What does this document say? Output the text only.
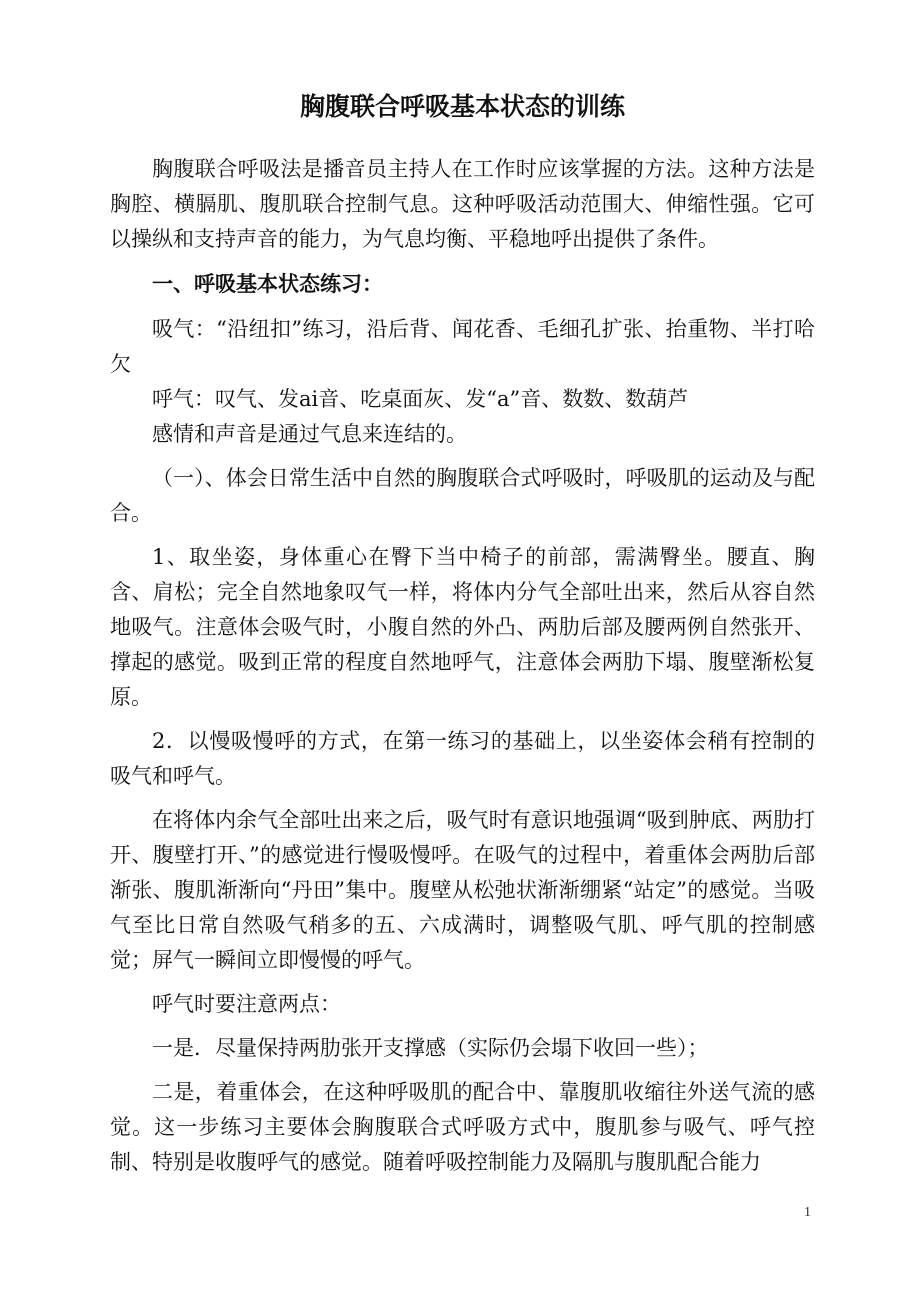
胸腹联合呼吸基本状态的训练

胸腹联合呼吸法是播音员主持人在工作时应该掌握的方法。这种方法是胸腔、横膈肌、腹肌联合控制气息。这种呼吸活动范围大、伸缩性强。它可以操纵和支持声音的能力，为气息均衡、平稳地呼出提供了条件。

一、呼吸基本状态练习：

吸气：“沿纽扣”练习，沿后背、闻花香、毛细孔扩张、抬重物、半打哈欠

呼气：叹气、发ai音、吃桌面灰、发“a”音、数数、数葫芦

感情和声音是通过气息来连结的。

（一）、体会日常生活中自然的胸腹联合式呼吸时，呼吸肌的运动及与配合。

1、取坐姿，身体重心在臀下当中椅子的前部，需满臀坐。腰直、胸含、肩松；完全自然地象叹气一样，将体内分气全部吐出来，然后从容自然地吸气。注意体会吸气时，小腹自然的外凸、两肋后部及腰两例自然张开、撑起的感觉。吸到正常的程度自然地呼气，注意体会两肋下塌、腹壁渐松复原。

2．以慢吸慢呼的方式，在第一练习的基础上，以坐姿体会稍有控制的吸气和呼气。

在将体内余气全部吐出来之后，吸气时有意识地强调“吸到肿底、两肋打开、腹壁打开、”的感觉进行慢吸慢呼。在吸气的过程中，着重体会两肋后部渐张、腹肌渐渐向“丹田”集中。腹壁从松弛状渐渐绷紧“站定”的感觉。当吸气至比日常自然吸气稍多的五、六成满时，调整吸气肌、呼气肌的控制感觉；屏气一瞬间立即慢慢的呼气。

呼气时要注意两点：

一是．尽量保持两肋张开支撑感（实际仍会塌下收回一些）；

二是，着重体会，在这种呼吸肌的配合中、靠腹肌收缩往外送气流的感觉。这一步练习主要体会胸腹联合式呼吸方式中，腹肌参与吸气、呼气控制、特别是收腹呼气的感觉。随着呼吸控制能力及隔肌与腹肌配合能力

1
